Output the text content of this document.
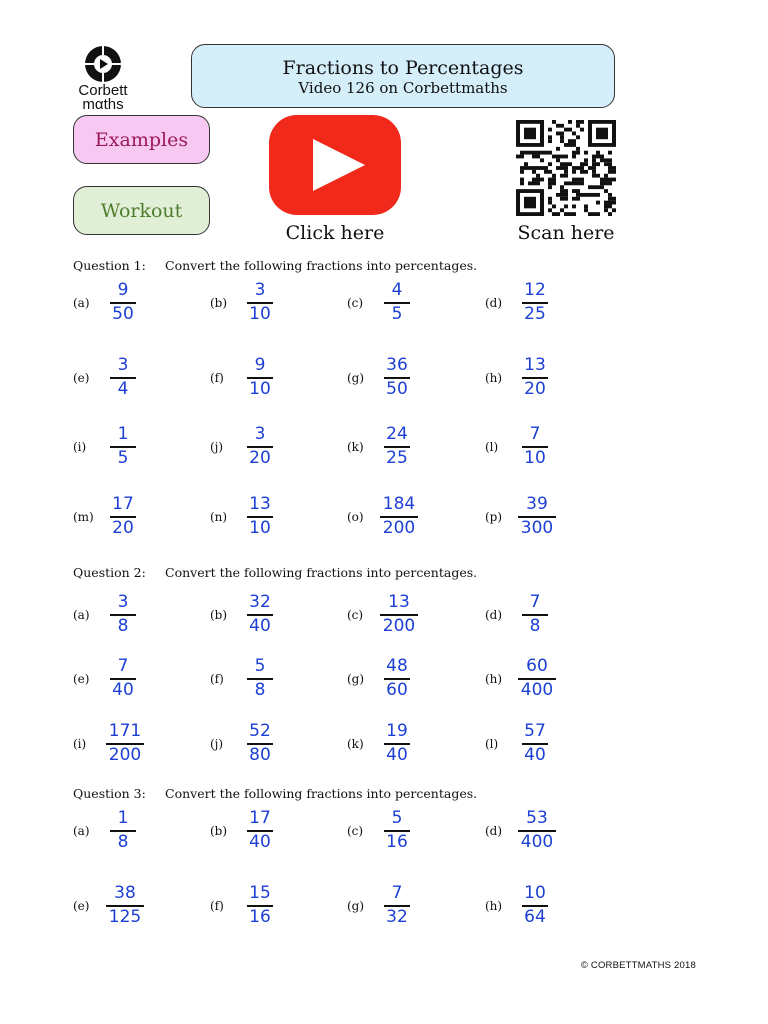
Corbett
mαths
Fractions to Percentages
Video 126 on Corbettmaths
Examples
Workout
Click here	Scan here
Question 1: Convert the following fractions into percentages.
(a)
9
50
(b)
3
10
(c)
4
5
(d)
12
25
(e)
3
4
(f)
9
10
(g)
36
50
(h)
13
20
(i)
1
5
(j)
3
20
(k)
24
25
(l)
7
10
(m)
17
20
(n)
13
10
(o)
184
200
(p)
39
300
Question 2: Convert the following fractions into percentages.
(a)
3
8
(b)
32
40
(c)
13
200
(d)
7
8
(e)
7
40
(f)
5
8
(g)
48
60
(h)
60
400
(i)
171
200
(j)
52
80
(k)
19
40
(l)
57
40
Question 3: Convert the following fractions into percentages.
(a)
1
8
(b)
17
40
(c)
5
16
(d)
53
400
(e)
38
125
(f)
15
16
(g)
7
32
(h)
10
64
© CORBETTMATHS 2018
